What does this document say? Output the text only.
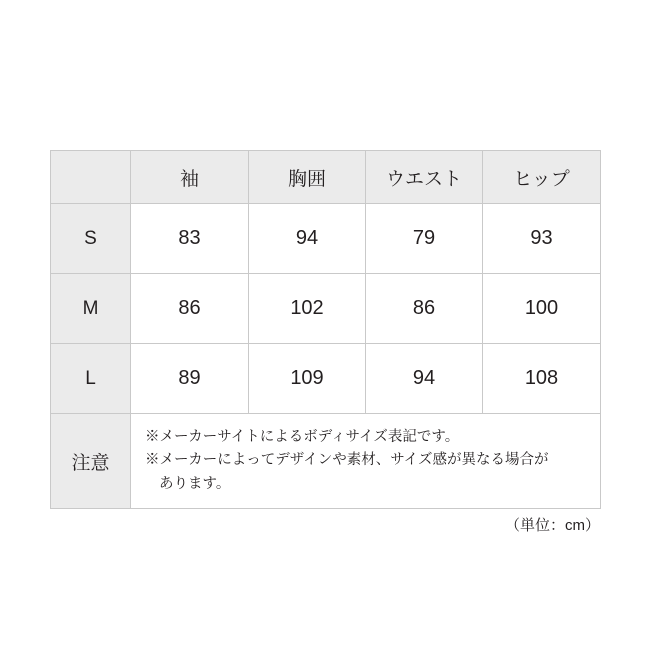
	袖	胸囲	ウエスト	ヒップ
S	83	94	79	93
M	86	102	86	100
L	89	109	94	108
注意	※メーカーサイトによるボディサイズ表記です。
※メーカーによってデザインや素材、サイズ感が異なる場合が
あります。			
（単位：cm）
